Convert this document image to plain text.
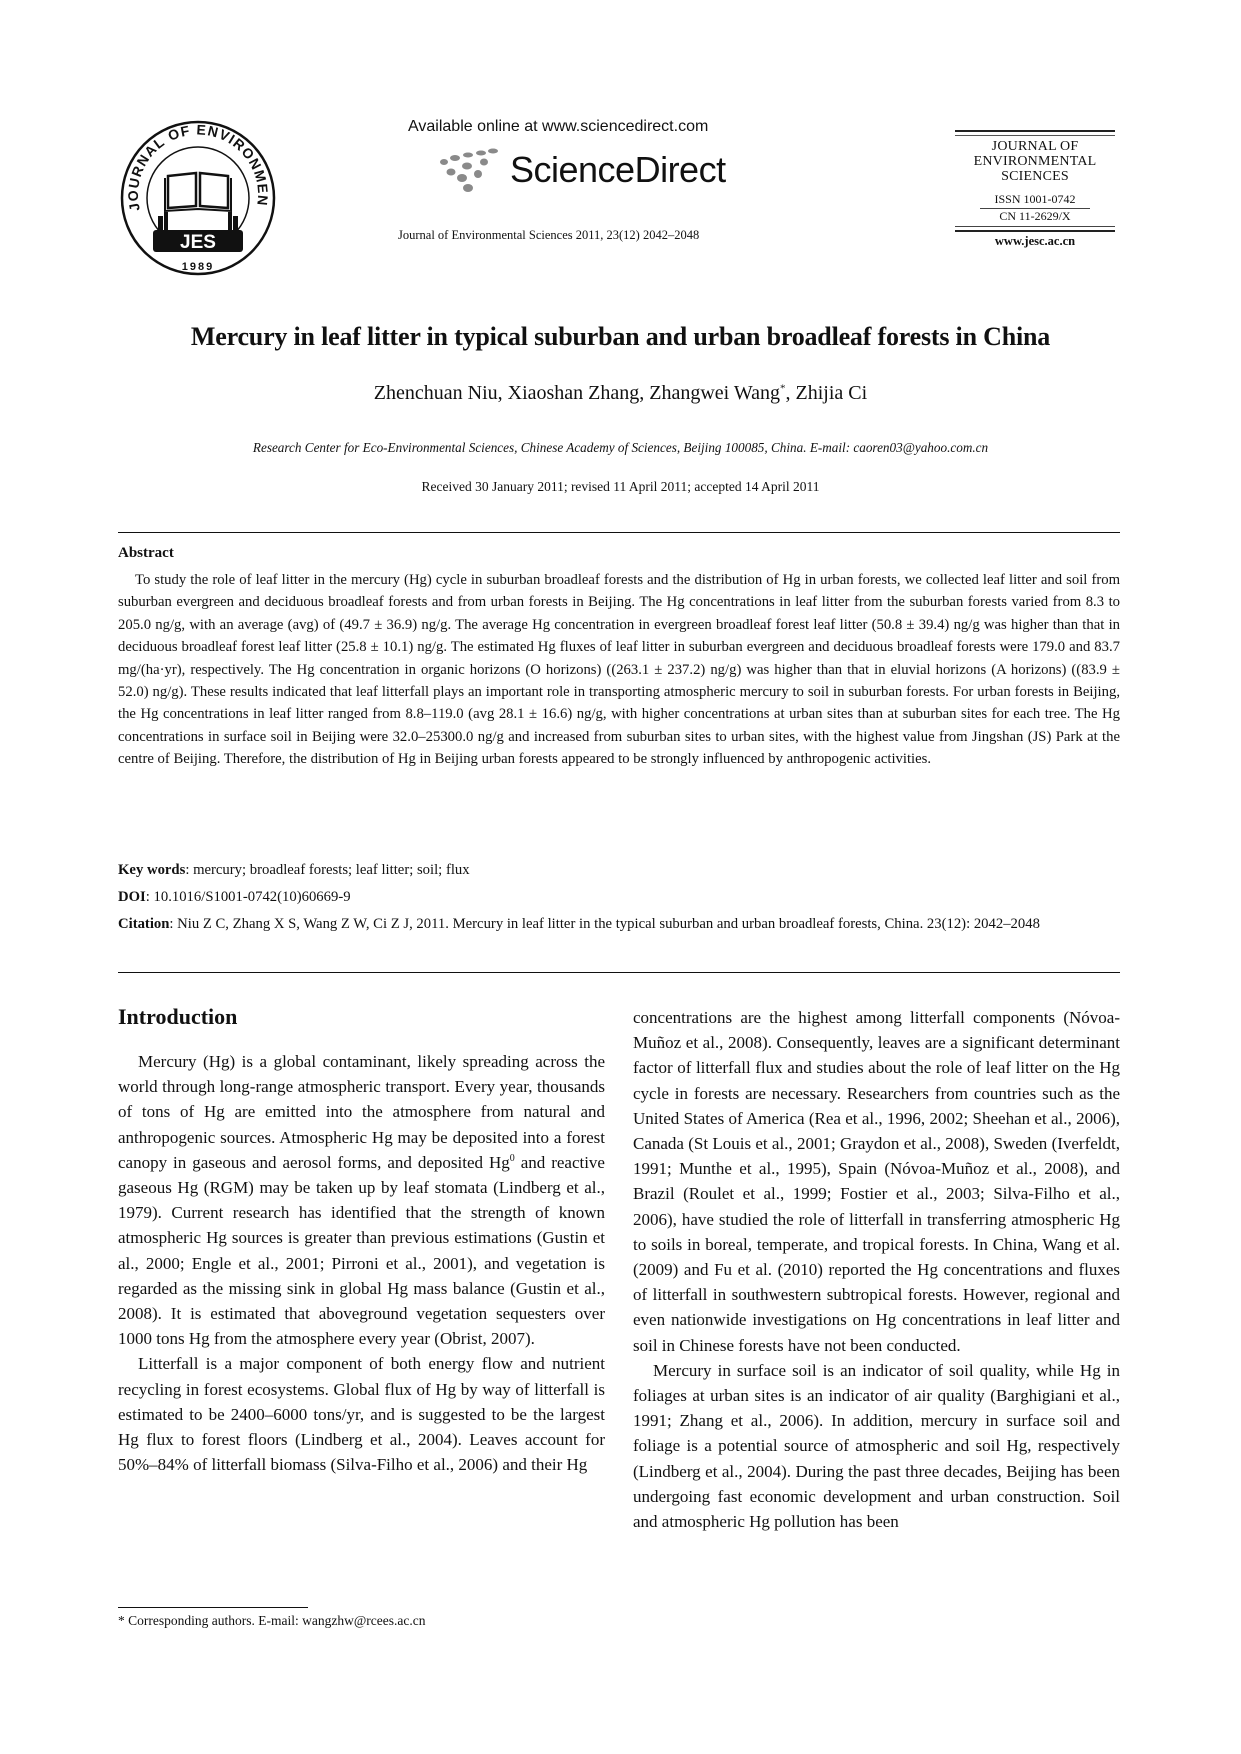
JOURNAL OF ENVIRONMEN
JES
1989
Available online at www.sciencedirect.com
ScienceDirect
Journal of Environmental Sciences 2011, 23(12) 2042–2048
JOURNAL OF
ENVIRONMENTAL
SCIENCES
ISSN 1001-0742
CN 11-2629/X
www.jesc.ac.cn
Mercury in leaf litter in typical suburban and urban broadleaf forests in China
Zhenchuan Niu, Xiaoshan Zhang, Zhangwei Wang*, Zhijia Ci
Research Center for Eco-Environmental Sciences, Chinese Academy of Sciences, Beijing 100085, China. E-mail: caoren03@yahoo.com.cn
Received 30 January 2011; revised 11 April 2011; accepted 14 April 2011
Abstract

To study the role of leaf litter in the mercury (Hg) cycle in suburban broadleaf forests and the distribution of Hg in urban forests, we collected leaf litter and soil from suburban evergreen and deciduous broadleaf forests and from urban forests in Beijing. The Hg concentrations in leaf litter from the suburban forests varied from 8.3 to 205.0 ng/g, with an average (avg) of (49.7 ± 36.9) ng/g. The average Hg concentration in evergreen broadleaf forest leaf litter (50.8 ± 39.4) ng/g was higher than that in deciduous broadleaf forest leaf litter (25.8 ± 10.1) ng/g. The estimated Hg fluxes of leaf litter in suburban evergreen and deciduous broadleaf forests were 179.0 and 83.7 mg/(ha·yr), respectively. The Hg concentration in organic horizons (O horizons) ((263.1 ± 237.2) ng/g) was higher than that in eluvial horizons (A horizons) ((83.9 ± 52.0) ng/g). These results indicated that leaf litterfall plays an important role in transporting atmospheric mercury to soil in suburban forests. For urban forests in Beijing, the Hg concentrations in leaf litter ranged from 8.8–119.0 (avg 28.1 ± 16.6) ng/g, with higher concentrations at urban sites than at suburban sites for each tree. The Hg concentrations in surface soil in Beijing were 32.0–25300.0 ng/g and increased from suburban sites to urban sites, with the highest value from Jingshan (JS) Park at the centre of Beijing. Therefore, the distribution of Hg in Beijing urban forests appeared to be strongly influenced by anthropogenic activities.

Key words: mercury; broadleaf forests; leaf litter; soil; flux
DOI: 10.1016/S1001-0742(10)60669-9
Citation: Niu Z C, Zhang X S, Wang Z W, Ci Z J, 2011. Mercury in leaf litter in the typical suburban and urban broadleaf forests, China. 23(12): 2042–2048
Introduction

Mercury (Hg) is a global contaminant, likely spreading across the world through long-range atmospheric transport. Every year, thousands of tons of Hg are emitted into the atmosphere from natural and anthropogenic sources. Atmospheric Hg may be deposited into a forest canopy in gaseous and aerosol forms, and deposited Hg$^0$ and reactive gaseous Hg (RGM) may be taken up by leaf stomata (Lindberg et al., 1979). Current research has identified that the strength of known atmospheric Hg sources is greater than previous estimations (Gustin et al., 2000; Engle et al., 2001; Pirroni et al., 2001), and vegetation is regarded as the missing sink in global Hg mass balance (Gustin et al., 2008). It is estimated that aboveground vegetation sequesters over 1000 tons Hg from the atmosphere every year (Obrist, 2007).

Litterfall is a major component of both energy flow and nutrient recycling in forest ecosystems. Global flux of Hg by way of litterfall is estimated to be 2400–6000 tons/yr, and is suggested to be the largest Hg flux to forest floors (Lindberg et al., 2004). Leaves account for 50%–84% of litterfall biomass (Silva-Filho et al., 2006) and their Hg

concentrations are the highest among litterfall components (Nóvoa-Muñoz et al., 2008). Consequently, leaves are a significant determinant factor of litterfall flux and studies about the role of leaf litter on the Hg cycle in forests are necessary. Researchers from countries such as the United States of America (Rea et al., 1996, 2002; Sheehan et al., 2006), Canada (St Louis et al., 2001; Graydon et al., 2008), Sweden (Iverfeldt, 1991; Munthe et al., 1995), Spain (Nóvoa-Muñoz et al., 2008), and Brazil (Roulet et al., 1999; Fostier et al., 2003; Silva-Filho et al., 2006), have studied the role of litterfall in transferring atmospheric Hg to soils in boreal, temperate, and tropical forests. In China, Wang et al. (2009) and Fu et al. (2010) reported the Hg concentrations and fluxes of litterfall in southwestern subtropical forests. However, regional and even nationwide investigations on Hg concentrations in leaf litter and soil in Chinese forests have not been conducted.

Mercury in surface soil is an indicator of soil quality, while Hg in foliages at urban sites is an indicator of air quality (Barghigiani et al., 1991; Zhang et al., 2006). In addition, mercury in surface soil and foliage is a potential source of atmospheric and soil Hg, respectively (Lindberg et al., 2004). During the past three decades, Beijing has been undergoing fast economic development and urban construction. Soil and atmospheric Hg pollution has been

* Corresponding authors. E-mail: wangzhw@rcees.ac.cn
